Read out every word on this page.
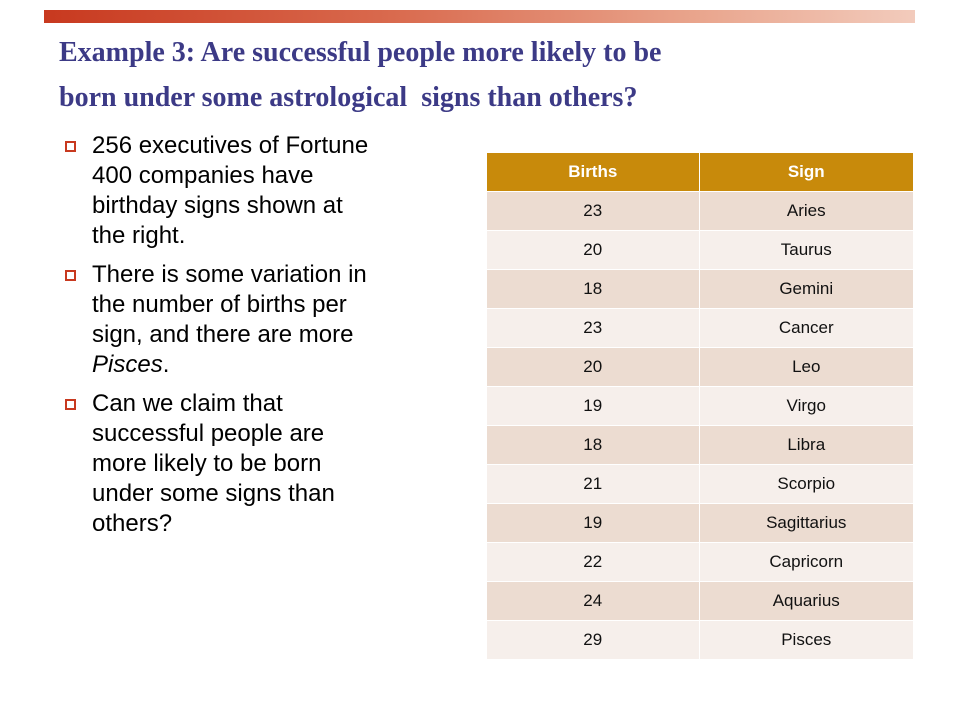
Example 3: Are successful people more likely to be
born under some astrological  signs than others?
256 executives of Fortune
400 companies have
birthday signs shown at
the right.
There is some variation in
the number of births per
sign, and there are more
Pisces.
Can we claim that
successful people are
more likely to be born
under some signs than
others?
Births	Sign
23	Aries
20	Taurus
18	Gemini
23	Cancer
20	Leo
19	Virgo
18	Libra
21	Scorpio
19	Sagittarius
22	Capricorn
24	Aquarius
29	Pisces
